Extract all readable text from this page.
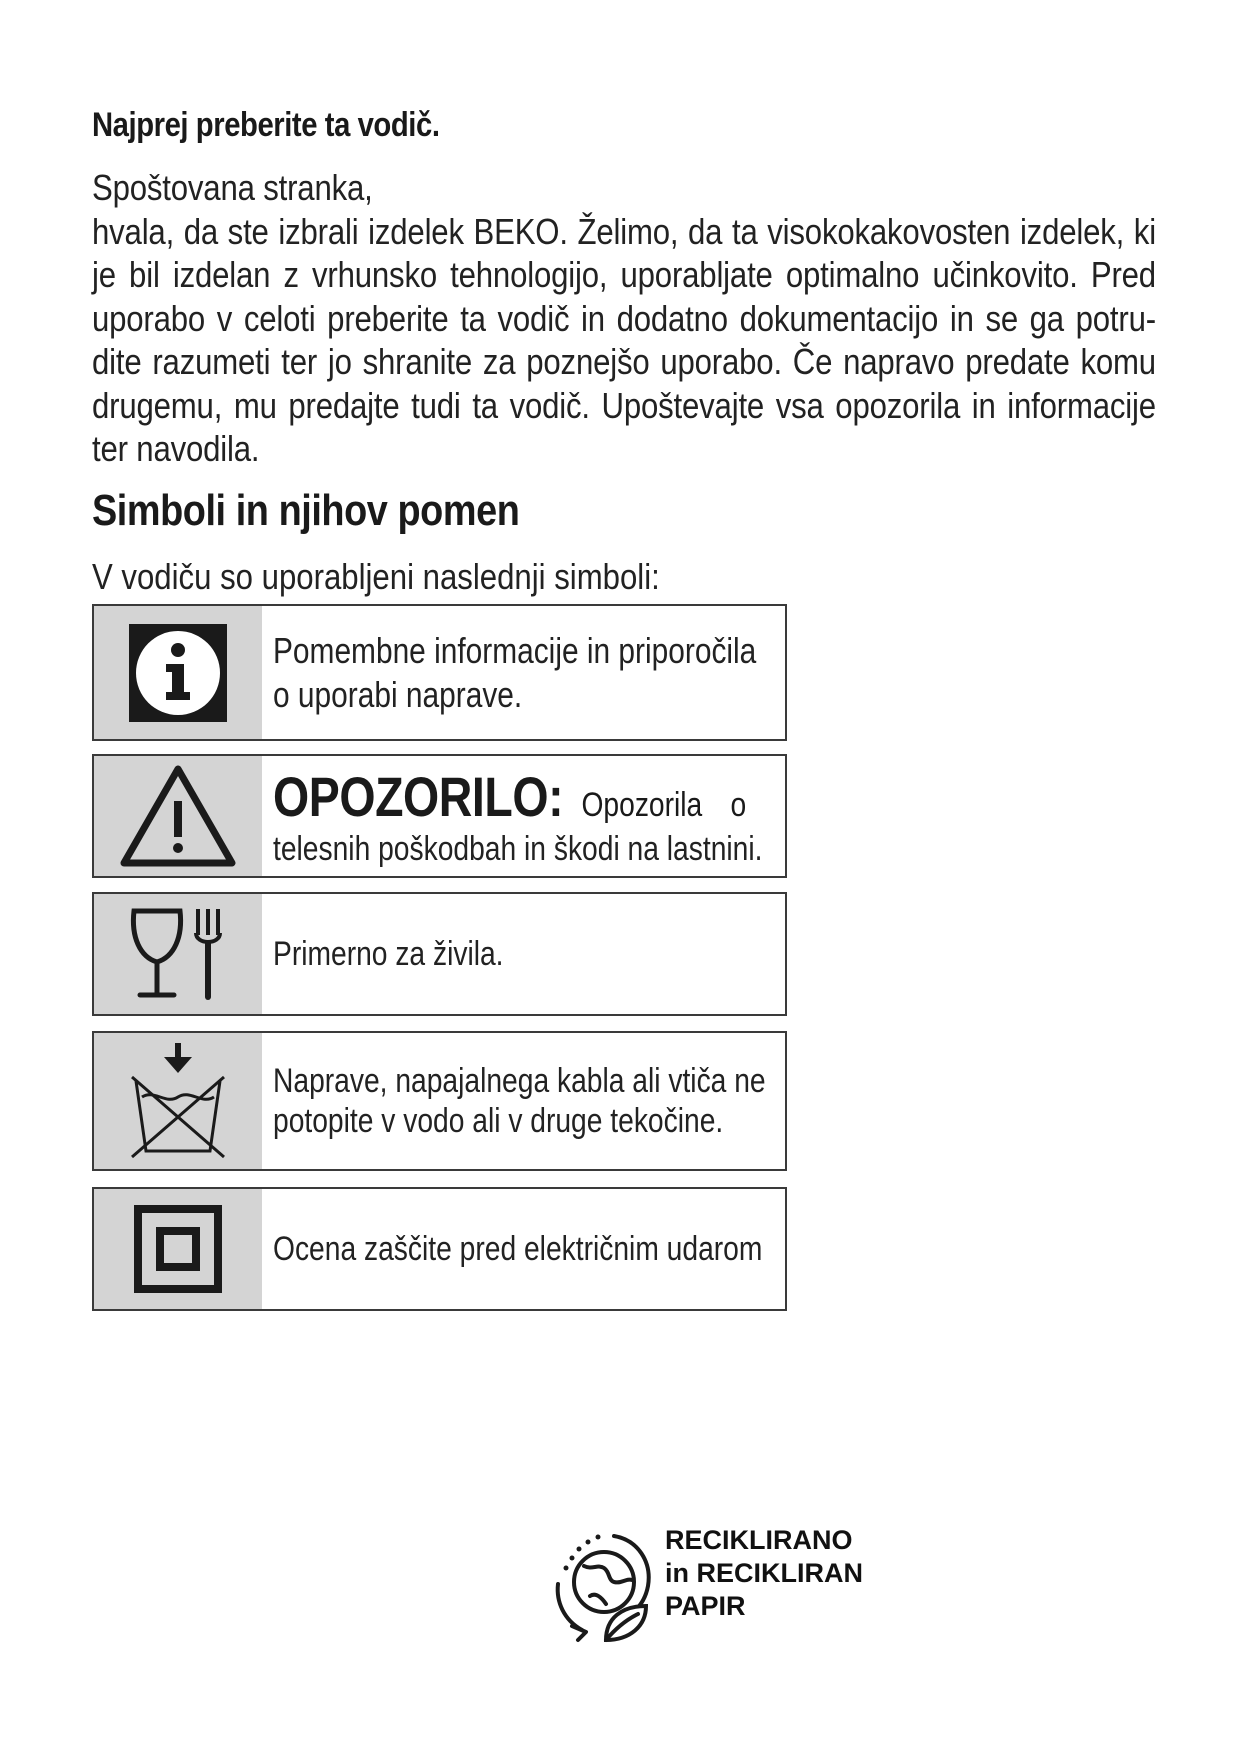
Najprej preberite ta vodič.

Spoštovana stranka,

hvala, da ste izbrali izdelek BEKO. Želimo, da ta visokokakovosten izdelek, ki je bil izdelan z vrhunsko tehnologijo, uporabljate optimalno učinkovito. Pred uporabo v celoti preberite ta vodič in dodatno dokumentacijo in se ga potru- dite razumeti ter jo shranite za poznejšo uporabo. Če napravo predate komu drugemu, mu predajte tudi ta vodič. Upoštevajte vsa opozorila in informacije ter navodila.

Simboli in njihov pomen
V vodiču so uporabljeni naslednji simboli:
Pomembne informacije in priporočila
o uporabi naprave.
OPOZORILO: Opozorila o
telesnih poškodbah in škodi na lastnini.
Primerno za živila.
Naprave, napajalnega kabla ali vtiča ne
potopite v vodo ali v druge tekočine.
Ocena zaščite pred električnim udarom
RECIKLIRANO
in RECIKLIRAN
PAPIR
